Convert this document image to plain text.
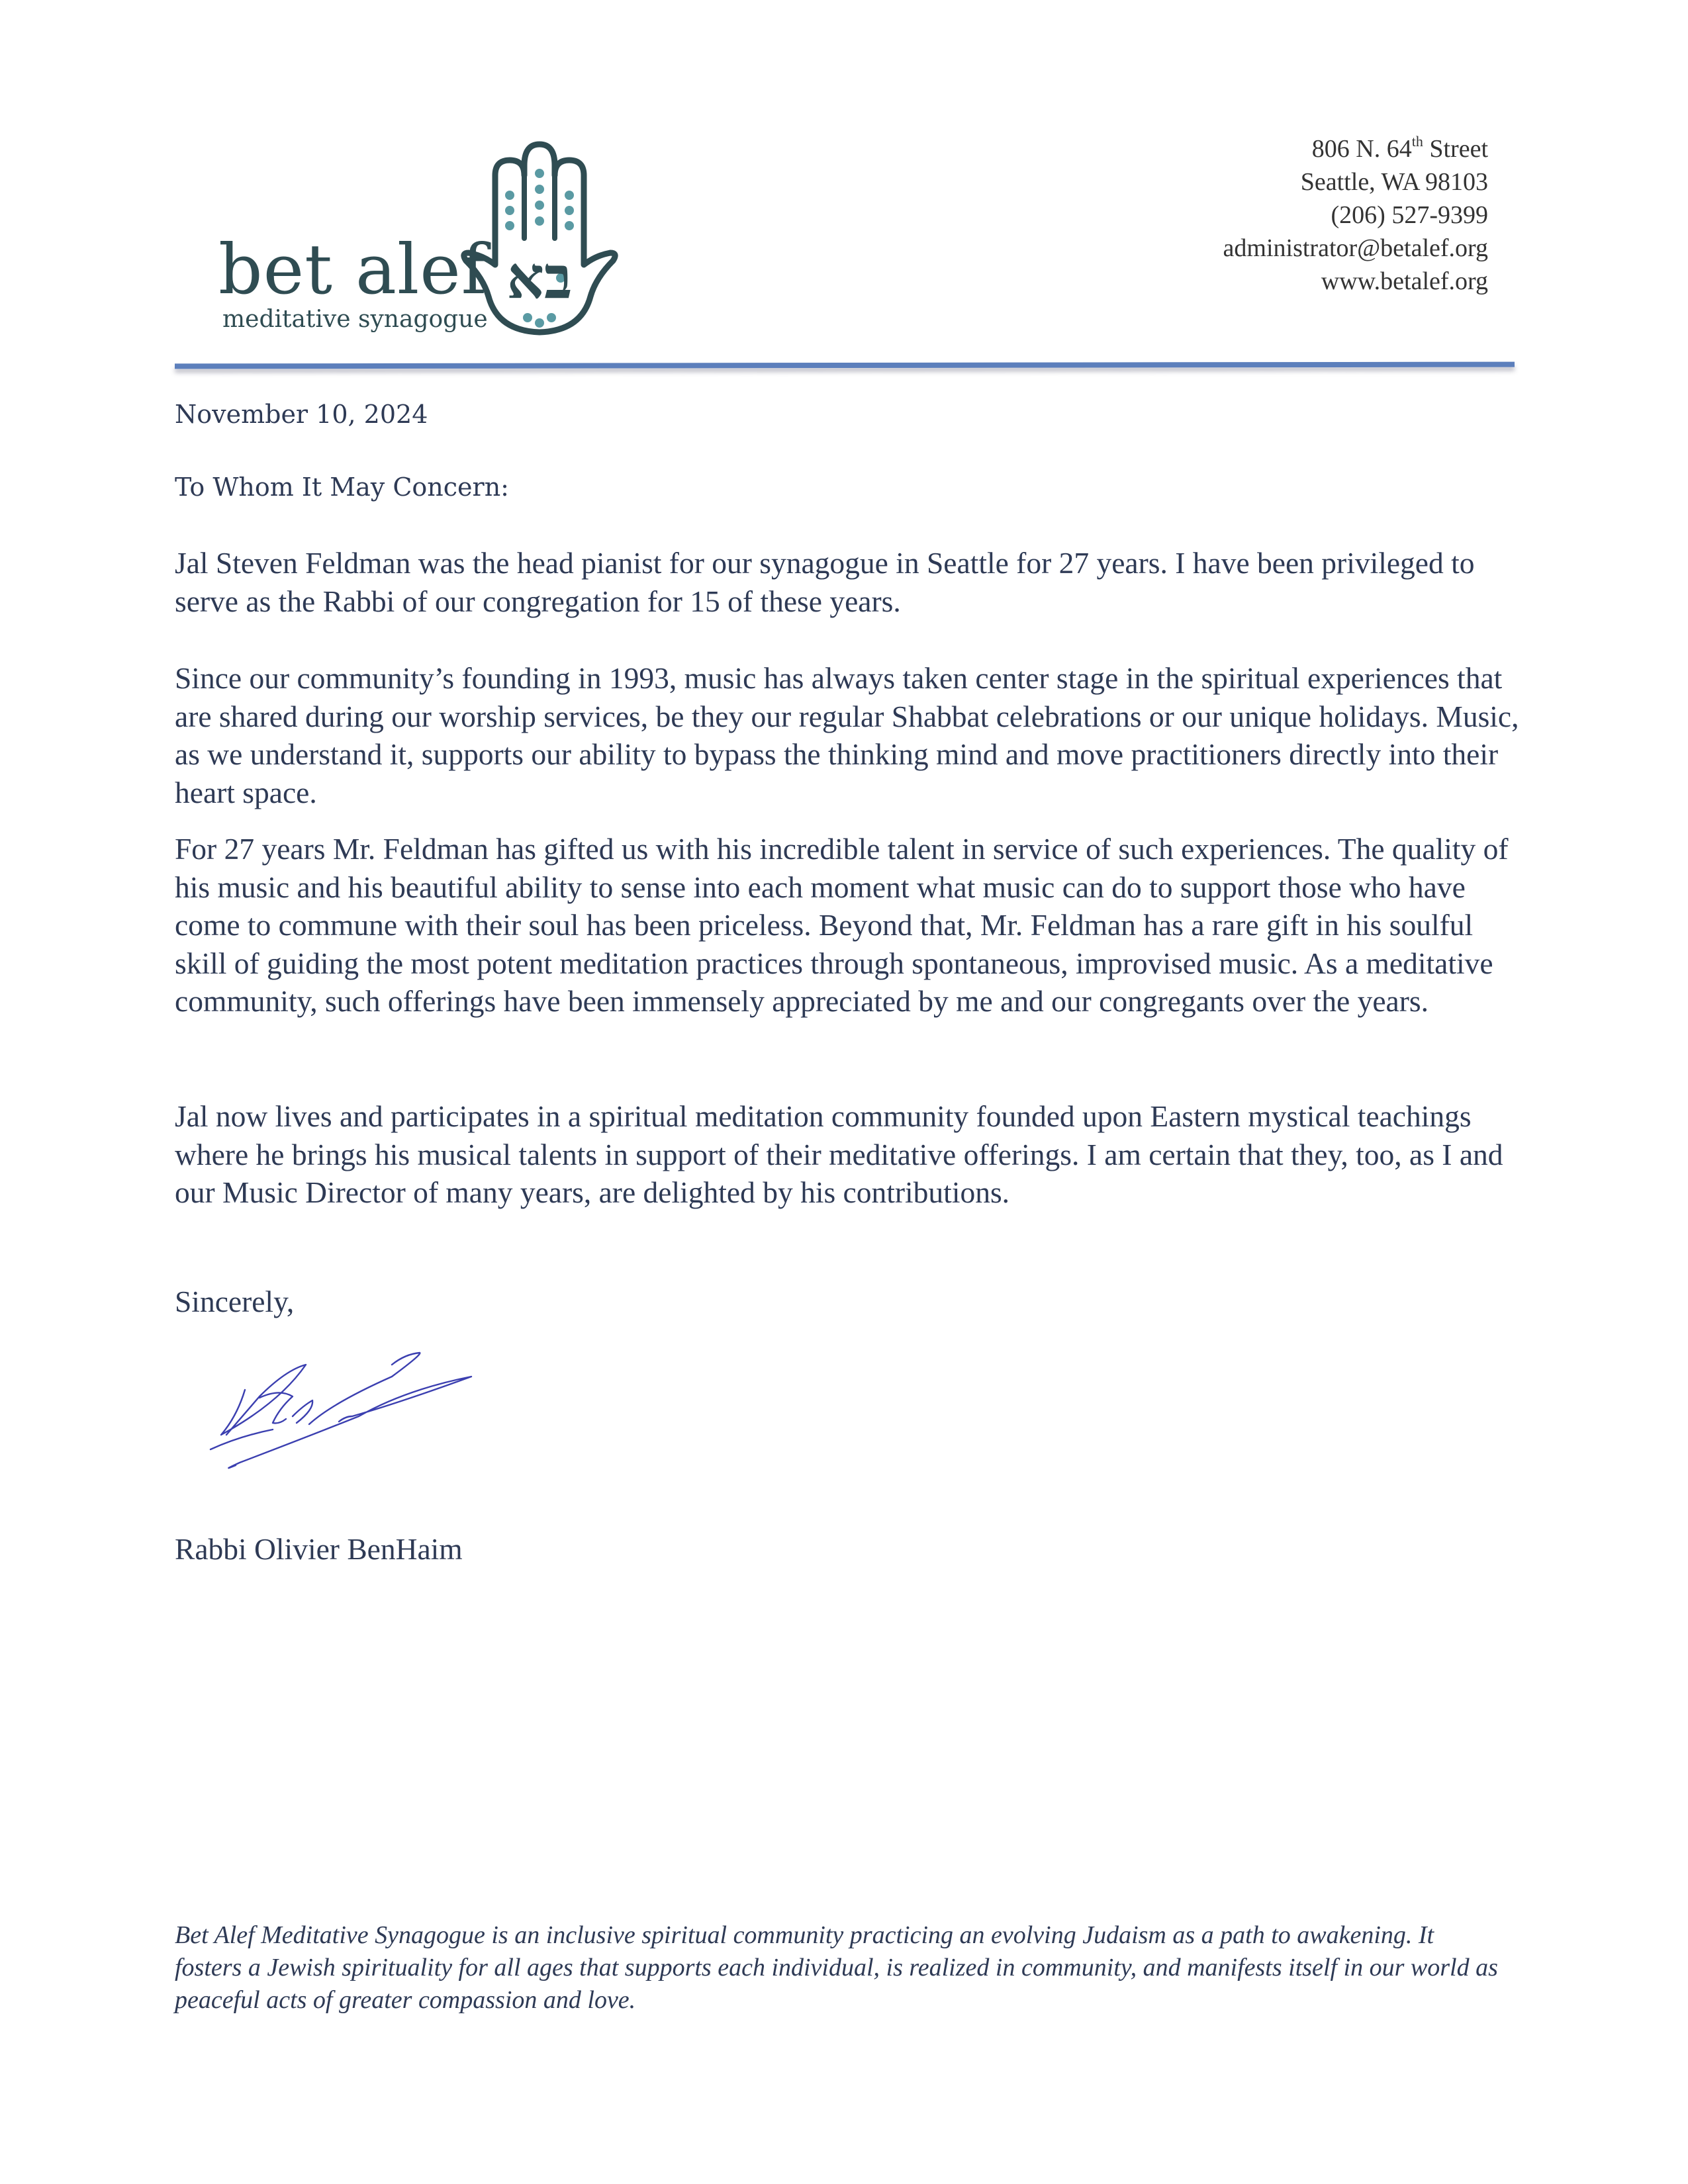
bet alef
meditative synagogue
בא
806 N. 64th Street
Seattle, WA 98103
(206) 527-9399
administrator@betalef.org
www.betalef.org
November 10, 2024
To Whom It May Concern:

Jal Steven Feldman was the head pianist for our synagogue in Seattle for 27 years. I have been privileged to serve as the Rabbi of our congregation for 15 of these years.

Since our community’s founding in 1993, music has always taken center stage in the spiritual experiences that are shared during our worship services, be they our regular Shabbat celebrations or our unique holidays. Music, as we understand it, supports our ability to bypass the thinking mind and move practitioners directly into their heart space.

For 27 years Mr. Feldman has gifted us with his incredible talent in service of such experiences. The quality of his music and his beautiful ability to sense into each moment what music can do to support those who have come to commune with their soul has been priceless. Beyond that, Mr. Feldman has a rare gift in his soulful skill of guiding the most potent meditation practices through spontaneous, improvised music. As a meditative community, such offerings have been immensely appreciated by me and our congregants over the years.

Jal now lives and participates in a spiritual meditation community founded upon Eastern mystical teachings where he brings his musical talents in support of their meditative offerings. I am certain that they, too, as I and our Music Director of many years, are delighted by his contributions.

Sincerely,
Rabbi Olivier BenHaim

Bet Alef Meditative Synagogue is an inclusive spiritual community practicing an evolving Judaism as a path to awakening. It fosters a Jewish spirituality for all ages that supports each individual, is realized in community, and manifests itself in our world as peaceful acts of greater compassion and love.
